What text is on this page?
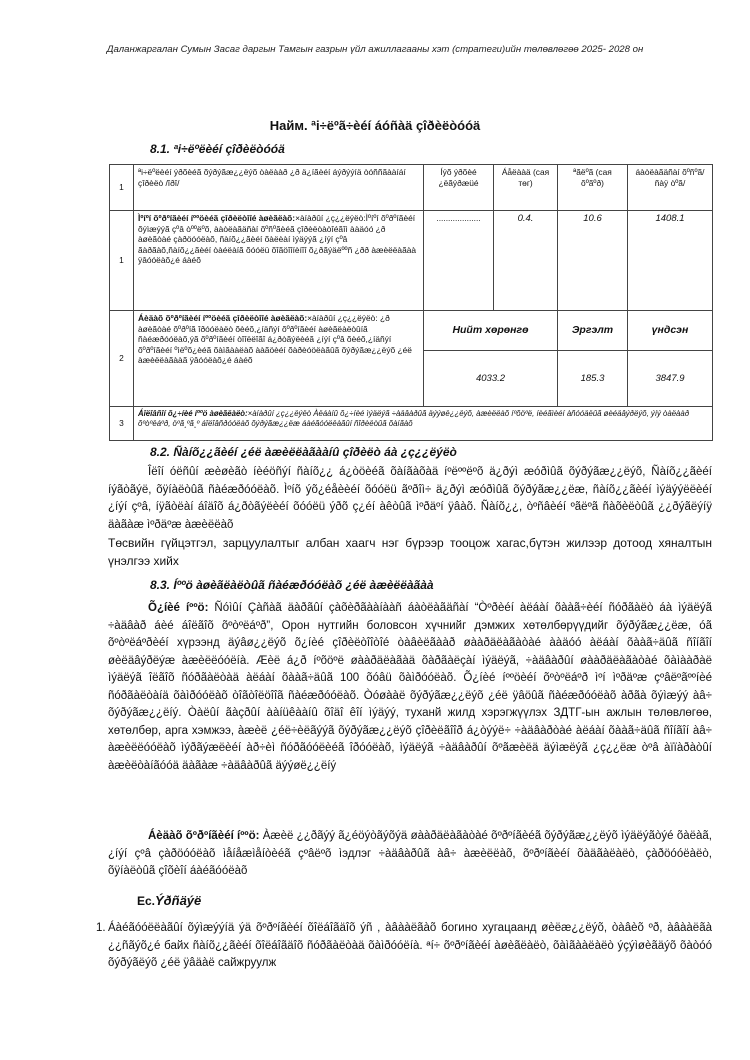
Даланжаргалан Сумын Засаг даргын Тамгын газрын үйл ажиллагааны хэт (стратеги)ийн төлөвлөгөө 2025- 2028 он
Найм. ªі÷ëºã÷èéí áóñàä çîðèëòóóä
8.1. ªі÷ëºëèéí çîðèëòóóä
1	ªі÷ëºëèéí ýðõèéã õýðýãæ¿¿ëýõ òàëààð ¿ð ä¿íãèéí áýðýýíä òóññãààíáí çîðèëò /îðî/	Íýõ ýðõèé ¿ëãýðæüé	Áåëààä (сая төг)	ªãëºã (сая õºãºð)	áàòëàãäñàí õºñºã/ñàÿ òºã/
1	Ìºíºí õºðºíãèéí íººöèéã çîðèëòîîé àøèãëàõ:×àíàðûí ¿ç¿¿ëýëò:Ìºíºí õºðºíãèéí õýìæýýã çºâ òººëºõ, ààòëàãäñàí õºñºãèéã çîðèëòàòîéãîì ààäóó ¿ð àøèãòàé çàðöóóëàõ, ñàíõ¿¿ãèéí õàëèàí ìýäýýã ¿íýí çºâ ãàðãàõ,ñàíõ¿¿ãèéí òàéëàíã õóóëü õîãöîîíèíîî õ¿ðãýäëººñ ¿ðð àæèëëàãàà ÿâóóëàõ¿é áàéõ	...................	0.4.	10.6	1408.1
2	Áèäàõ õºðºíãèéí íººöèéã çîðèëòîîé àøèãëàõ:×àíàðûí ¿ç¿¿ëýëò: ¿ð àøèãòàé õºðºíã îðóóëàëò õèéõ,¿íäñýí õºðºíãèéí àøèãëàëòûíã ñàéæðóóëàõ,ýã õºðºíãèéí òîîëëîãî á¿ðòãýëèéã ¿íýí çºâ õèéõ,¿íäñýí õºðºíãèéí ºìëºõ¿èéã õàìãààëàõ ààãöèéí õàðèóöëàãûã õýðýãæ¿¿ëýõ ¿éë àæèëëàãààã ÿâóóëàõ¿é áàéõ	Нийт хөрөнгө		Эргэлт	үндсэн
		4033.2		185.3	3847.9
3	Áîëîâñîí õ¿÷íèé íººö àøèãëàëò:×àíàðûí ¿ç¿¿ëýëò Àëáàíû õ¿÷íèé ìýäëýã ÷àäâàðûã äýýøë¿¿ëýõ, àæèëëàõ íºõöºë, íèéãìèéí àñóóäëûã øèéäâýðëýõ, ýíý òàëààð õºòºëáºð, öºã¸ºã¸º áîëîâñðóóëàõ õýðýãæ¿¿ëæ áàéãóóëëàãûí ñîðèëòûã õàíãàõ				
8.2. Ñàíõ¿¿ãèéí ¿éë àæèëëàãààíû çîðèëò áà ¿ç¿¿ëýëò

Îëîí óëñûí æèøèãò íèéöñýí ñàíõ¿¿ á¿òöèéã õàíãàõàä íºëººëºõ ä¿ðýì æóðìûã õýðýãæ¿¿ëýõ, Ñàíõ¿¿ãèéí íýãòãýë, õÿíàëòûã ñàéæðóóëàõ. Ìºíõ ýõ¿éåèèéí õóóëü ãºðîì÷ ä¿ðýì æóðìûã õýðýãæ¿¿ëæ, ñàíõ¿¿ãèéí ìýäýýëëèéí ¿íýí çºâ, íÿãòëàí áîäîõ á¿ðòãýëèéí õóóëü ýðõ ç¿éí àêòûã ìºðäºí ÿâàõ. Ñàíõ¿¿, òºñâèéí ºãëºã ñàõèëòûã ¿¿ðýãëýíÿ äàãàæ ìºðäºæ àæèëëàõ

Төсвийн гүйцэтгэл, зарцуулалтыг албан хаагч нэг бүрээр тооцож хагас,бүтэн жилээр дотоод хяналтын үнэлгээ хийх

8.3. Íººö àøèãëàëòûã ñàéæðóóëàõ ¿éë àæèëëàãàà

Õ¿íèé íººö: Ñóìûí Çàñàã äàðãûí çàõèðãààíààñ áàòëàãäñàí “Òºðèéí àëáàí õààã÷èéí ñóðãàëò áà ìýäëýã ÷àäâàð áèé áîëãîõ õºòºëáºð”, Орон нутгийн боловсон хүчнийг дэмжих хөтөлбөрүүдийг õýðýãæ¿¿ëæ, óã õºòºëáºðèéí хүрээнд äýâø¿¿ëýõ õ¿íèé çîðèëòîîòîé òàâèëãààð øààðäëàãàòàé ààäóó àëáàí õààã÷äûã ñîíãîí øèëäâýðëýæ àæèëëóóëíà. Æèë á¿ð íºõöºë øààðäëàãàä õàðãàëçàí ìýäëýã, ÷àäâàðûí øààðäëàãàòàé õàìààðàë ìýäëýã îëãîõ ñóðãàëòàä àëáàí õààã÷äûã 100 õóâü õàìðóóëàõ. Õ¿íèé íººöèéí õºòºëáºð ìºí ìºðäºæ çºâëºãººíèé ñóðãàëòàíä õàìðóóëàõ òîãòîëöîîã ñàéæðóóëàõ. Òóøààë õýðýãæ¿¿ëýõ ¿éë ÿâöûã ñàéæðóóëàõ àðãà õýìæýý àâ÷ õýðýãæ¿¿ëíý. Òàëûí ãàçðûí ààíüêààíû õîäî êîí ìýäýý, туханй жилд хэрэгжүүлэх ЗДТГ-ын ажлын төлөвлөгөө, хөтөлбөр, арга хэмжээ, àæèë ¿éë÷èëãýýã õýðýãæ¿¿ëýõ çîðèëãîîð á¿òýýë÷ ÷àäâàðòàé àëáàí õààã÷äûã ñîíãîí àâ÷ àæèëëóóëàõ ìýðãýæëèéí àð÷èì ñóðãóóëèéã îðóóëàõ, ìýäëýã ÷àäâàðûí õºãæèëä äýìæëýã ¿ç¿¿ëæ òºâ àïïàðàòûí àæèëòàíãóóä äàãàæ ÷àäâàðûã äýýøë¿¿ëíý

Áèäàõ õºðºíãèéí íººö: Àæèë ¿¿ðãýý ã¿éöýòãýõýä øààðäëàãàòàé õºðºíãèéã õýðýãæ¿¿ëýõ ìýäëýãòýé õàëàã, ¿íýí çºâ çàðöóóëàõ ìåíåæìåíòèéã çºâëºõ ìэдлэг ÷àäâàðûã àâ÷ àæèëëàõ, õºðºíãèéí õàäãàëàëò, çàðöóóëàëò, õÿíàëòûã çîõèîí áàéãóóëàõ

Ес.Ýðñäýë
1. Áàéãóóëëàãûí õýìæýýíä ýä õºðºíãèéí õîëáîãäîõ ýñ , àâààëãàõ богино хугацаанд øèëæ¿¿ëýõ, òàâèõ ºð, àâààëãà ¿¿ñãýõ¿é байх ñàíõ¿¿ãèéí õîëáîãäîõ ñóðãàëòàä õàìðóóëíà. ªí÷ õºðºíãèéí àøèãëàëò, õàìãààëàëò ýçýìøèãäýõ õàòóó õýðýãëýõ ¿éë ÿâäàë сайжруулж
